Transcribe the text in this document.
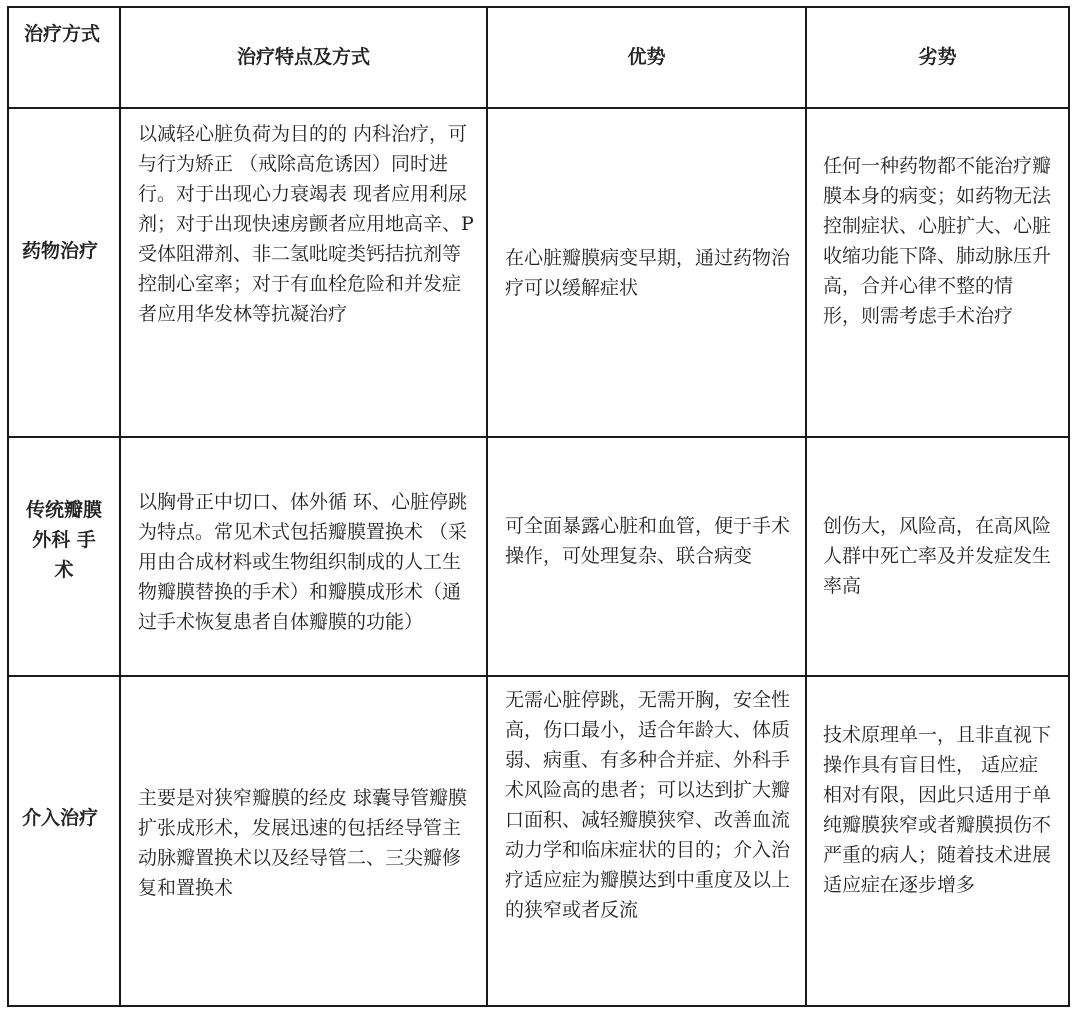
治疗方式
治疗特点及方式	优势	劣势
药物治疗
以减轻心脏负荷为目的的 内科治疗，可与行为矫正 （戒除高危诱因）同时进 行。对于出现心力衰竭表 现者应用利尿剂；对于出现快速房颤者应用地高辛、P受体阻滞剂、非二氢吡啶类钙拮抗剂等控制心室率；对于有血栓危险和并发症者应用华发林等抗凝治疗
在心脏瓣膜病变早期，通过药物治疗可以缓解症状
任何一种药物都不能治疗瓣膜本身的病变；如药物无法控制症状、心脏扩大、心脏收缩功能下降、肺动脉压升高，合并心律不整的情 形，则需考虑手术治疗
传统瓣膜外科 手术
以胸骨正中切口、体外循 环、心脏停跳为特点。常见术式包括瓣膜置换术 （采用由合成材料或生物组织制成的人工生物瓣膜替换的手术）和瓣膜成形术（通过手术恢复患者自体瓣膜的功能）
可全面暴露心脏和血管，便于手术操作，可处理复杂、联合病变
创伤大，风险高，在高风险人群中死亡率及并发症发生率高
介入治疗
主要是对狭窄瓣膜的经皮 球囊导管瓣膜扩张成形术，发展迅速的包括经导管主动脉瓣置换术以及经导管二、三尖瓣修复和置换术
无需心脏停跳，无需开胸，安全性高，伤口最小，适合年龄大、体质弱、病重、有多种合并症、外科手术风险高的患者；可以达到扩大瓣口面积、减轻瓣膜狭窄、改善血流动力学和临床症状的目的；介入治疗适应症为瓣膜达到中重度及以上的狭窄或者反流
技术原理单一，且非直视下操作具有盲目性， 适应症相对有限，因此只适用于单纯瓣膜狭窄或者瓣膜损伤不严重的病人；随着技术进展适应症在逐步增多
